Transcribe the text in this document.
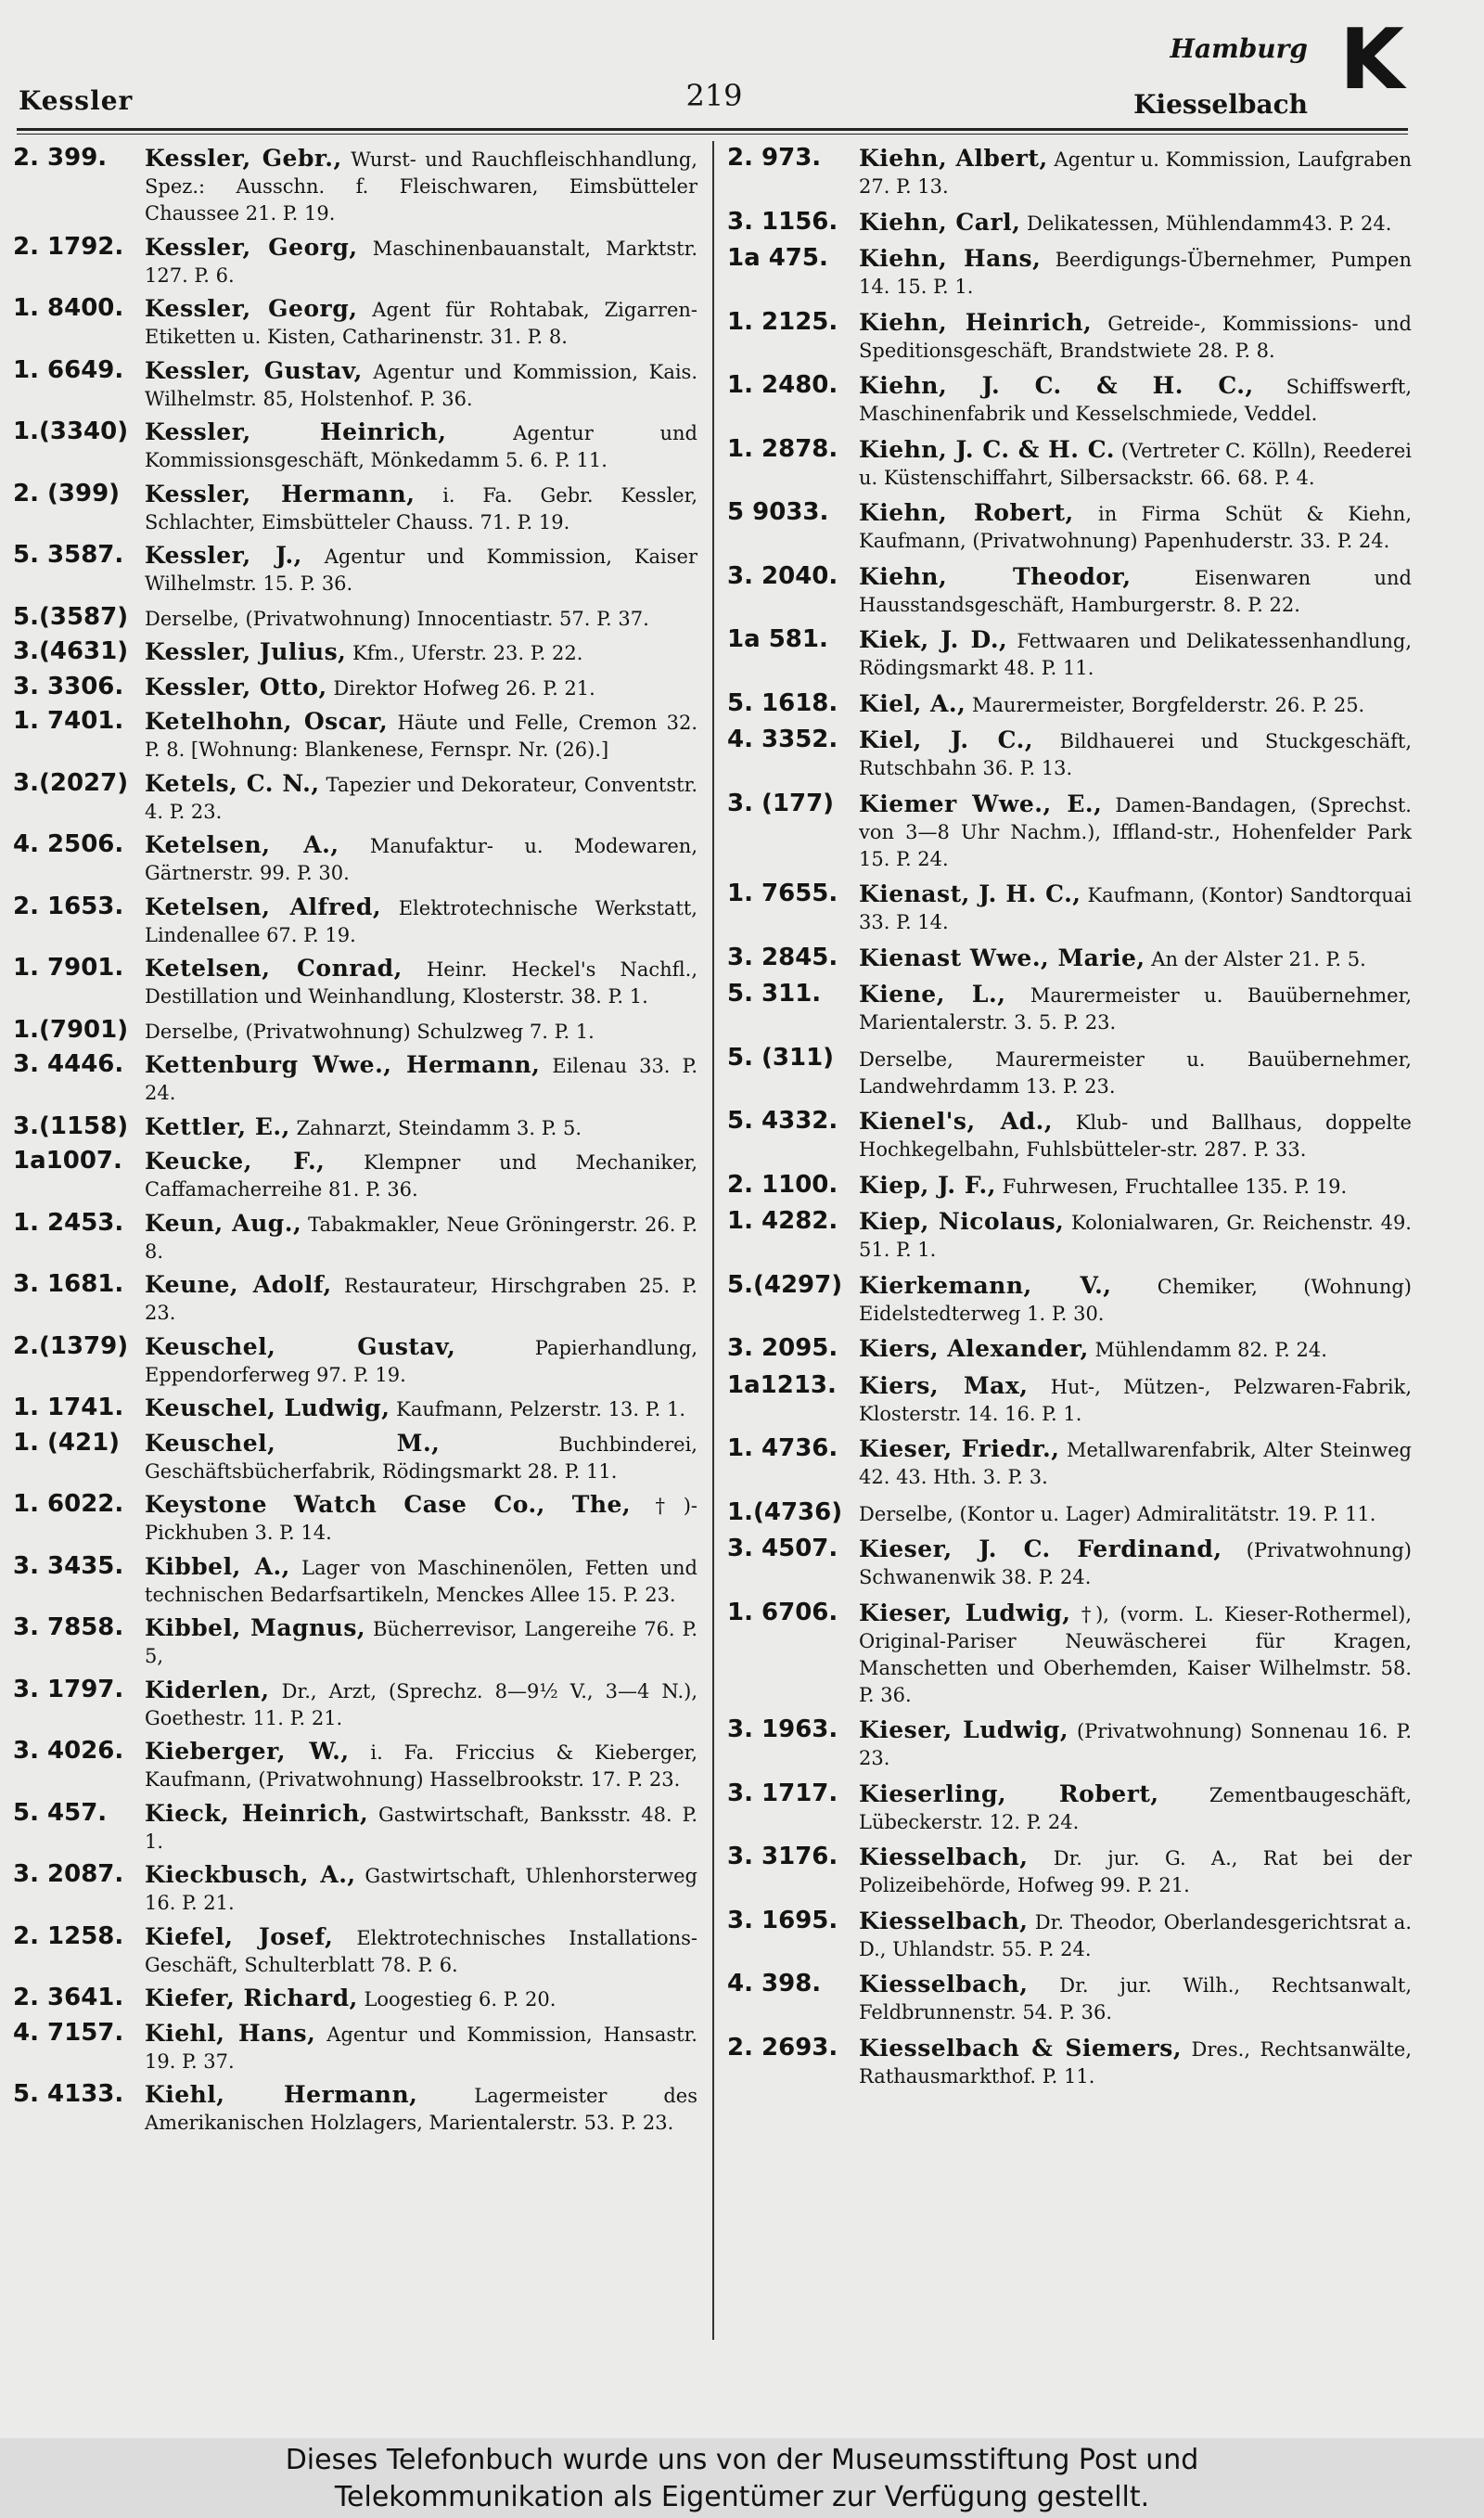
Kessler	219
Hamburg
Kiesselbach K
2. 399.	Kessler, Gebr., Wurst- und Rauchfleischhandlung, Spez.: Ausschn. f. Fleischwaren, Eimsbütteler Chaussee 21. P. 19.
2. 1792. Kessler, Georg, Maschinenbauanstalt, Marktstr. 127. P. 6.
1. 8400. Kessler, Georg, Agent für Rohtabak, Zigarren-Etiketten u. Kisten, Catharinenstr. 31. P. 8.
1. 6649. Kessler, Gustav, Agentur und Kommission, Kais. Wilhelmstr. 85, Holstenhof. P. 36.
1.(3340) Kessler, Heinrich, Agentur und Kommissionsgeschäft, Mönkedamm 5. 6. P. 11.
2. (399)	Kessler, Hermann, i. Fa. Gebr. Kessler, Schlachter, Eimsbütteler Chauss. 71. P. 19.
5. 3587. Kessler, J., Agentur und Kommission, Kaiser Wilhelmstr. 15. P. 36.
5.(3587) Derselbe, (Privatwohnung) Innocentiastr. 57. P. 37.
3.(4631) Kessler, Julius, Kfm., Uferstr. 23. P. 22.
3. 3306. Kessler, Otto, Direktor Hofweg 26. P. 21.
1. 7401. Ketelhohn, Oscar, Häute und Felle, Cremon 32. P. 8. [Wohnung: Blankenese, Fernspr. Nr. (26).]
3.(2027) Ketels, C. N., Tapezier und Dekorateur, Conventstr. 4. P. 23.
4. 2506. Ketelsen, A., Manufaktur- u. Modewaren, Gärtnerstr. 99. P. 30.
2. 1653. Ketelsen, Alfred, Elektrotechnische Werkstatt, Lindenallee 67. P. 19.
1. 7901. Ketelsen, Conrad, Heinr. Heckel's Nachfl., Destillation und Weinhandlung, Klosterstr. 38. P. 1.
1.(7901) Derselbe, (Privatwohnung) Schulzweg 7. P. 1.
3. 4446. Kettenburg Wwe., Hermann, Eilenau 33. P. 24.
3.(1158) Kettler, E., Zahnarzt, Steindamm 3. P. 5.
1a1007. Keucke, F., Klempner und Mechaniker, Caffamacherreihe 81. P. 36.
1. 2453. Keun, Aug., Tabakmakler, Neue Gröningerstr. 26. P. 8.
3. 1681. Keune, Adolf, Restaurateur, Hirschgraben 25. P. 23.
2.(1379) Keuschel, Gustav, Papierhandlung, Eppendorferweg 97. P. 19.
1. 1741. Keuschel, Ludwig, Kaufmann, Pelzerstr. 13. P. 1.
1. (421)	Keuschel, M., Buchbinderei, Geschäftsbücherfabrik, Rödingsmarkt 28. P. 11.
1. 6022. Keystone Watch Case Co., The, †)- Pickhuben 3. P. 14.
3. 3435. Kibbel, A., Lager von Maschinenölen, Fetten und technischen Bedarfsartikeln, Menckes Allee 15. P. 23.
3. 7858. Kibbel, Magnus, Bücherrevisor, Langereihe 76. P. 5,
3. 1797. Kiderlen, Dr., Arzt, (Sprechz. 8—9½ V., 3—4 N.), Goethestr. 11. P. 21.
3. 4026. Kieberger, W., i. Fa. Friccius & Kieberger, Kaufmann, (Privatwohnung) Hasselbrookstr. 17. P. 23.
5. 457.	Kieck, Heinrich, Gastwirtschaft, Banksstr. 48. P. 1.
3. 2087. Kieckbusch, A., Gastwirtschaft, Uhlenhorsterweg 16. P. 21.
2. 1258. Kiefel, Josef, Elektrotechnisches Installations-Geschäft, Schulterblatt 78. P. 6.
2. 3641. Kiefer, Richard, Loogestieg 6. P. 20.
4. 7157. Kiehl, Hans, Agentur und Kommission, Hansastr. 19. P. 37.
5. 4133. Kiehl, Hermann, Lagermeister des Amerikanischen Holzlagers, Marientalerstr. 53. P. 23.
2. 973.	Kiehn, Albert, Agentur u. Kommission, Laufgraben 27. P. 13.
3. 1156. Kiehn, Carl, Delikatessen, Mühlendamm43. P. 24.
1a 475.	Kiehn, Hans, Beerdigungs-Übernehmer, Pumpen 14. 15. P. 1.
1. 2125. Kiehn, Heinrich, Getreide-, Kommissions- und Speditionsgeschäft, Brandstwiete 28. P. 8.
1. 2480. Kiehn, J. C. & H. C., Schiffswerft, Maschinenfabrik und Kesselschmiede, Veddel.
1. 2878. Kiehn, J. C. & H. C. (Vertreter C. Kölln), Reederei u. Küstenschiffahrt, Silbersackstr. 66. 68. P. 4.
5 9033.	Kiehn, Robert, in Firma Schüt & Kiehn, Kaufmann, (Privatwohnung) Papenhuderstr. 33. P. 24.
3. 2040. Kiehn, Theodor, Eisenwaren und Hausstandsgeschäft, Hamburgerstr. 8. P. 22.
1a 581.	Kiek, J. D., Fettwaaren und Delikatessenhandlung, Rödingsmarkt 48. P. 11.
5. 1618. Kiel, A., Maurermeister, Borgfelderstr. 26. P. 25.
4. 3352. Kiel, J. C., Bildhauerei und Stuckgeschäft, Rutschbahn 36. P. 13.
3. (177)	Kiemer Wwe., E., Damen-Bandagen, (Sprechst. von 3—8 Uhr Nachm.), Iffland-str., Hohenfelder Park 15. P. 24.
1. 7655. Kienast, J. H. C., Kaufmann, (Kontor) Sandtorquai 33. P. 14.
3. 2845. Kienast Wwe., Marie, An der Alster 21. P. 5.
5. 311.	Kiene, L., Maurermeister u. Bauübernehmer, Marientalerstr. 3. 5. P. 23.
5. (311)	Derselbe, Maurermeister u. Bauübernehmer, Landwehrdamm 13. P. 23.
5. 4332. Kienel's, Ad., Klub- und Ballhaus, doppelte Hochkegelbahn, Fuhlsbütteler-str. 287. P. 33.
2. 1100. Kiep, J. F., Fuhrwesen, Fruchtallee 135. P. 19.
1. 4282. Kiep, Nicolaus, Kolonialwaren, Gr. Reichenstr. 49. 51. P. 1.
5.(4297) Kierkemann, V., Chemiker, (Wohnung) Eidelstedterweg 1. P. 30.
3. 2095. Kiers, Alexander, Mühlendamm 82. P. 24.
1a1213. Kiers, Max, Hut-, Mützen-, Pelzwaren-Fabrik, Klosterstr. 14. 16. P. 1.
1. 4736. Kieser, Friedr., Metallwarenfabrik, Alter Steinweg 42. 43. Hth. 3. P. 3.
1.(4736) Derselbe, (Kontor u. Lager) Admiralitätstr. 19. P. 11.
3. 4507. Kieser, J. C. Ferdinand, (Privatwohnung) Schwanenwik 38. P. 24.
1. 6706. Kieser, Ludwig, †), (vorm. L. Kieser-Rothermel), Original-Pariser Neuwäscherei für Kragen, Manschetten und Oberhemden, Kaiser Wilhelmstr. 58. P. 36.
3. 1963. Kieser, Ludwig, (Privatwohnung) Sonnenau 16. P. 23.
3. 1717. Kieserling, Robert, Zementbaugeschäft, Lübeckerstr. 12. P. 24.
3. 3176. Kiesselbach, Dr. jur. G. A., Rat bei der Polizeibehörde, Hofweg 99. P. 21.
3. 1695. Kiesselbach, Dr. Theodor, Oberlandesgerichtsrat a. D., Uhlandstr. 55. P. 24.
4. 398.	Kiesselbach, Dr. jur. Wilh., Rechtsanwalt, Feldbrunnenstr. 54. P. 36.
2. 2693. Kiesselbach & Siemers, Dres., Rechtsanwälte, Rathausmarkthof. P. 11.
Dieses Telefonbuch wurde uns von der Museumsstiftung Post und
Telekommunikation als Eigentümer zur Verfügung gestellt.
